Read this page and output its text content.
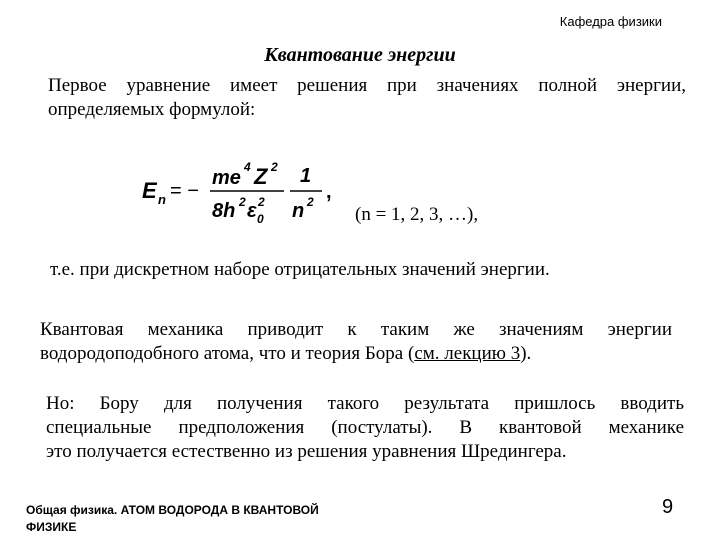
Кафедра физики
Квантование энергии
Первое уравнение имеет решения при значениях полной энергии,
определяемых формулой:
E n = −
me 4 Z 2
8h 2 ε 0
2
1
n 2 ,
(n = 1, 2, 3, …),
т.е. при дискретном наборе отрицательных значений энергии.
Квантовая механика приводит к таким же значениям энергии
водородоподобного атома, что и теория Бора (см. лекцию 3).
Но: Бору для получения такого результата пришлось вводить
специальные предположения (постулаты). В квантовой механике
это получается естественно из решения уравнения Шредингера.
Общая физика. АТОМ ВОДОРОДА В КВАНТОВОЙ
ФИЗИКЕ
9
